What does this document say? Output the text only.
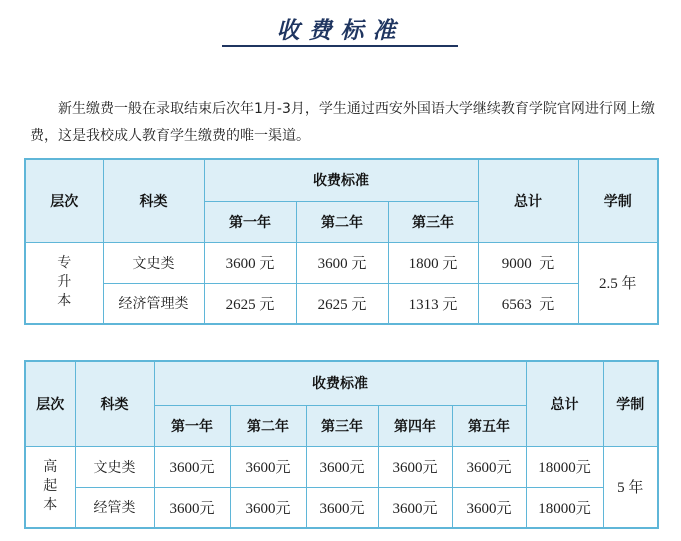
收费标准

新生缴费一般在录取结束后次年1月-3月，学生通过西安外国语大学继续教育学院官网进行网上缴费，这是我校成人教育学生缴费的唯一渠道。

层次	科类	收费标准			总计	学制
		第一年	第二年	第三年		

专升本	文史类	3600 元	3600 元	1800 元	9000  元	2.5 年
	经济管理类	2625 元	2625 元	1313 元	6563  元	
层次	科类	收费标准					总计	学制
		第一年	第二年	第三年	第四年	第五年		

高起本	文史类	3600元	3600元	3600元	3600元	3600元	18000元	5 年
	经管类	3600元	3600元	3600元	3600元	3600元	18000元	
